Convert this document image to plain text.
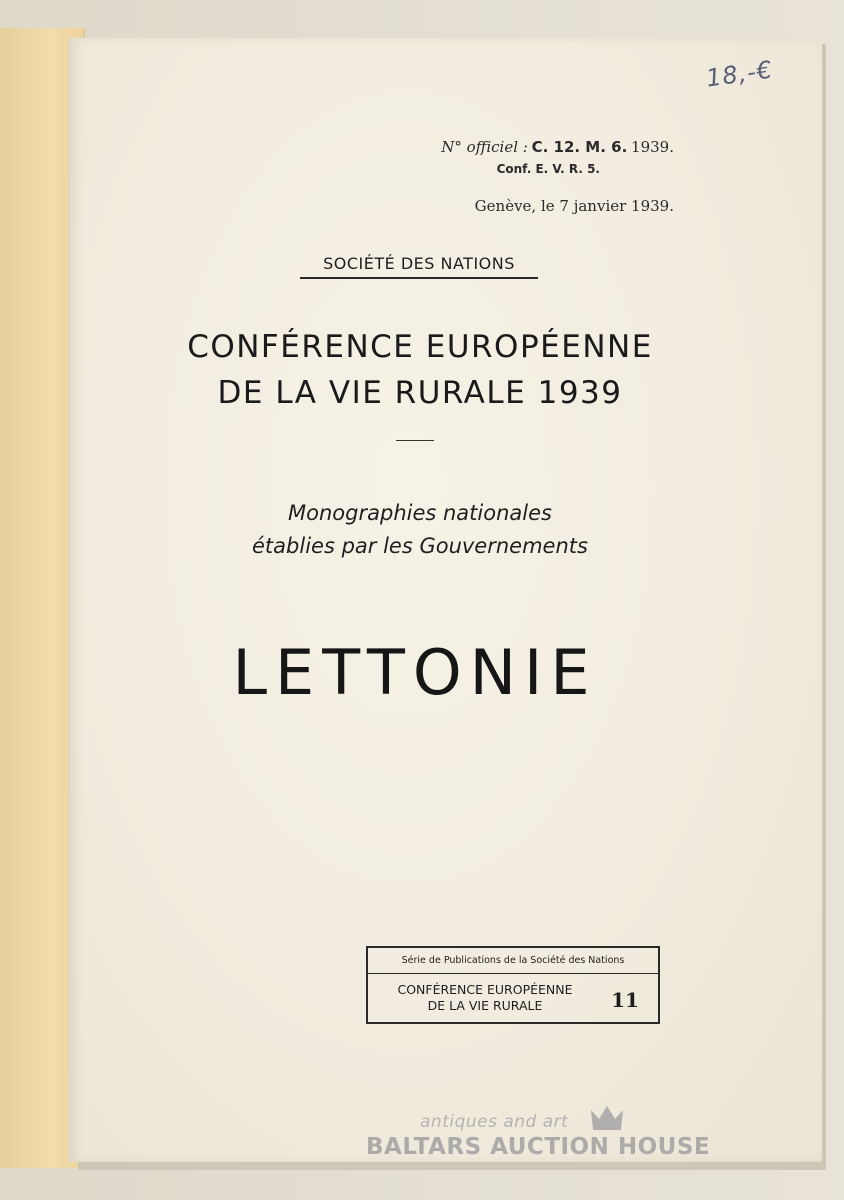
18,-€
N° officiel : C. 12. M. 6. 1939.
Conf. E. V. R. 5.
Genève, le 7 janvier 1939.
SOCIÉTÉ DES NATIONS
CONFÉRENCE EUROPÉENNE
DE LA VIE RURALE 1939
Monographies nationales
établies par les Gouvernements
LETTONIE
Série de Publications de la Société des Nations
CONFÉRENCE EUROPÉENNE
DE LA VIE RURALE	11
antiques and art
BALTARS AUCTION HOUSE
